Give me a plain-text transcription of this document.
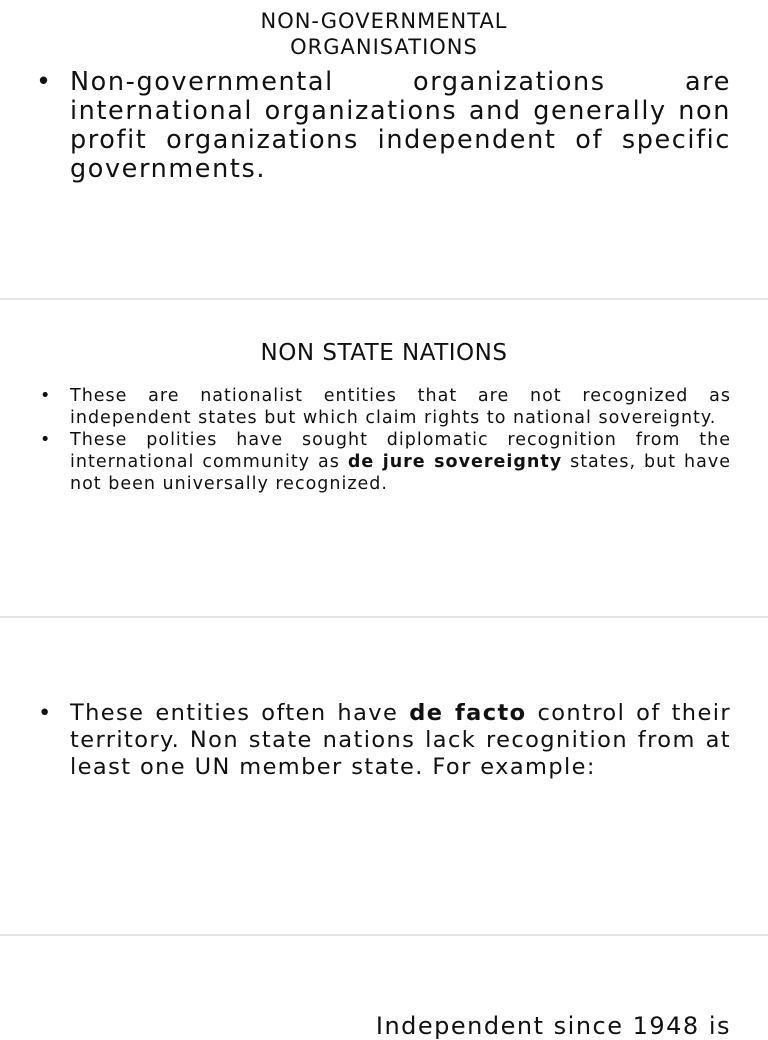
NON-GOVERNMENTAL
ORGANISATIONS
• Non-governmental organizations are international organizations and generally non profit organizations independent of specific governments.
NON STATE NATIONS
• These are nationalist entities that are not recognized as independent states but which claim rights to national sovereignty.
• These polities have sought diplomatic recognition from the international community as de jure sovereignty states, but have not been universally recognized.
• These entities often have de facto control of their territory. Non state nations lack recognition from at least one UN member state. For example:
Independent since 1948 is
